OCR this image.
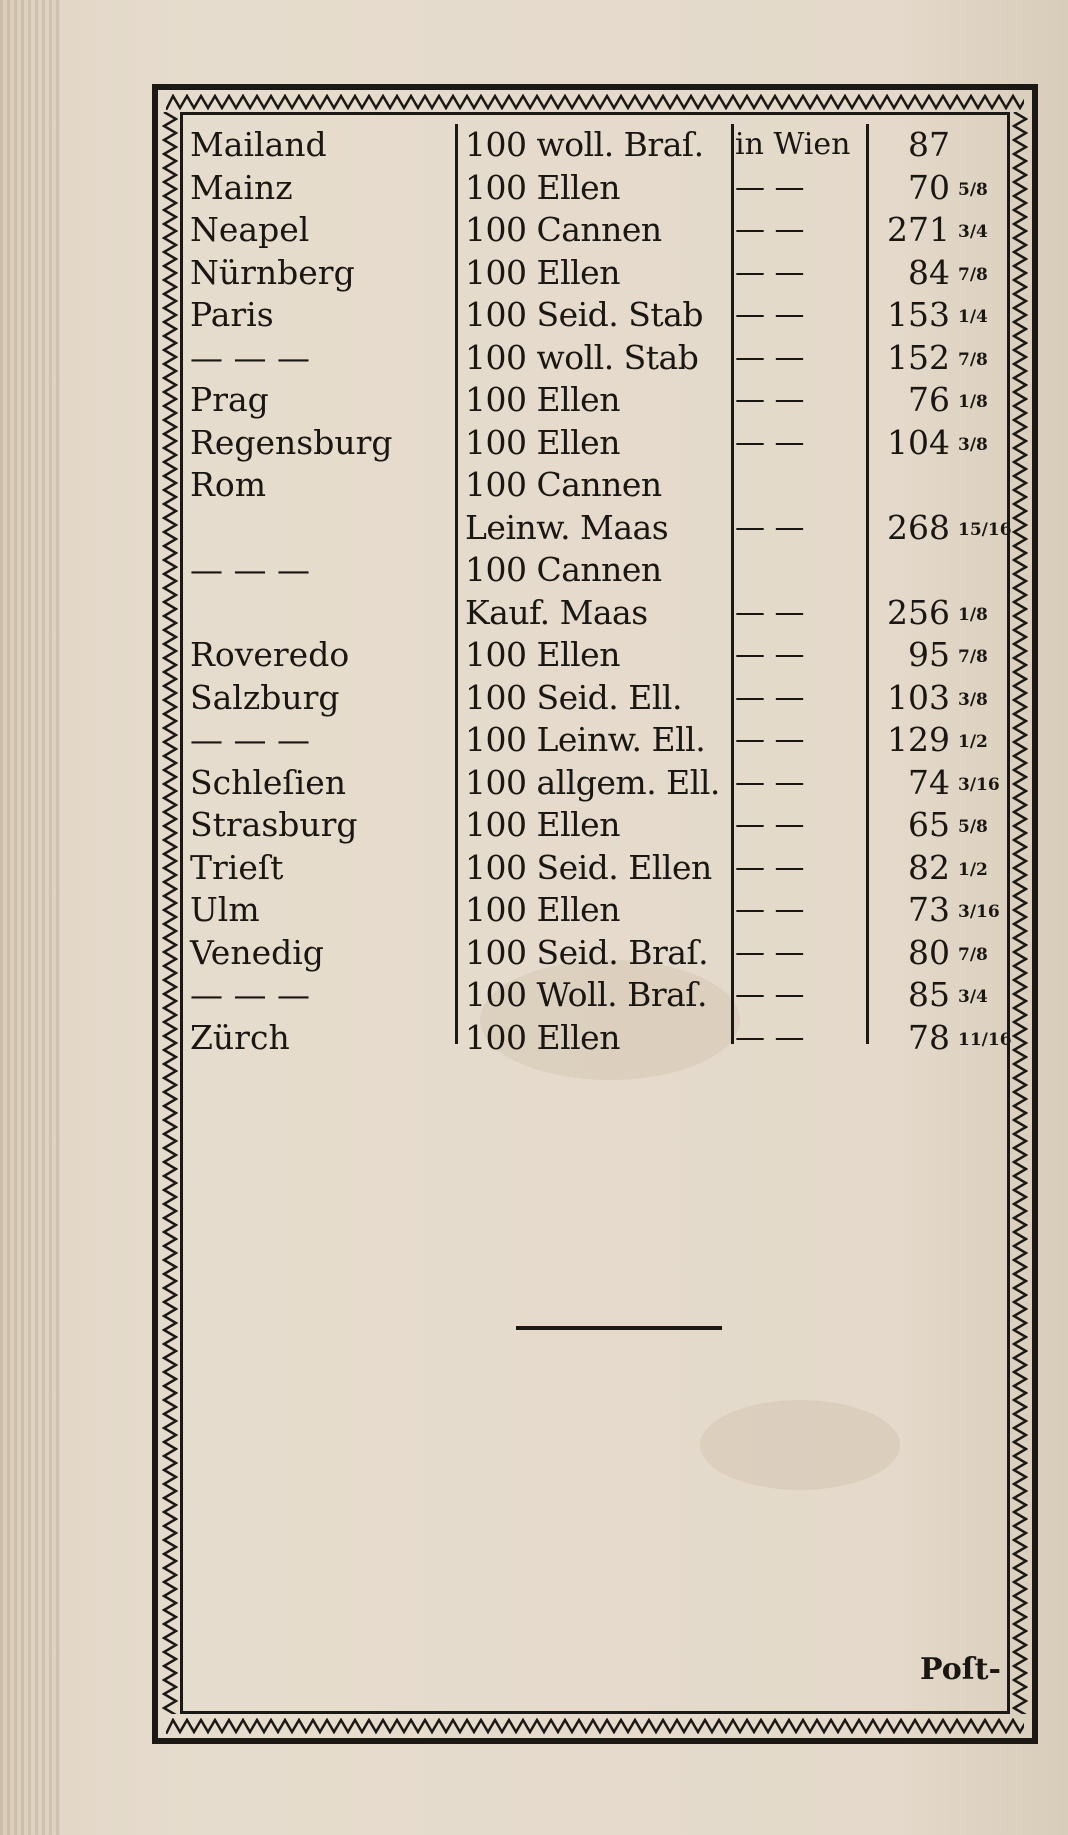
Mailand	100 woll. Braſ.	in Wien	87
Mainz	100 Ellen	— —	70 5/8
Neapel	100 Cannen	— —	271 3/4
Nürnberg	100 Ellen	— —	84 7/8
Paris	100 Seid. Stab	— —	153 1/4
— — —	100 woll. Stab	— —	152 7/8
Prag	100 Ellen	— —	76 1/8
Regensburg	100 Ellen	— —	104 3/8
Rom	100 Cannen
Leinw. Maas	— —	268 15/16
— — —	100 Cannen
Kauf. Maas	— —	256 1/8
Roveredo	100 Ellen	— —	95 7/8
Salzburg	100 Seid. Ell.	— —	103 3/8
— — —	100 Leinw. Ell. — —	129 1/2
Schleſien	100 allgem. Ell. — —	74 3/16
Strasburg	100 Ellen	— —	65 5/8
Trieſt	100 Seid. Ellen — —	82 1/2
Ulm	100 Ellen	— —	73 3/16
Venedig	100 Seid. Braſ. — —	80 7/8
— — —	100 Woll. Braſ. — —	85 3/4
Zürch	100 Ellen	— —	78 11/16
Poſt-
